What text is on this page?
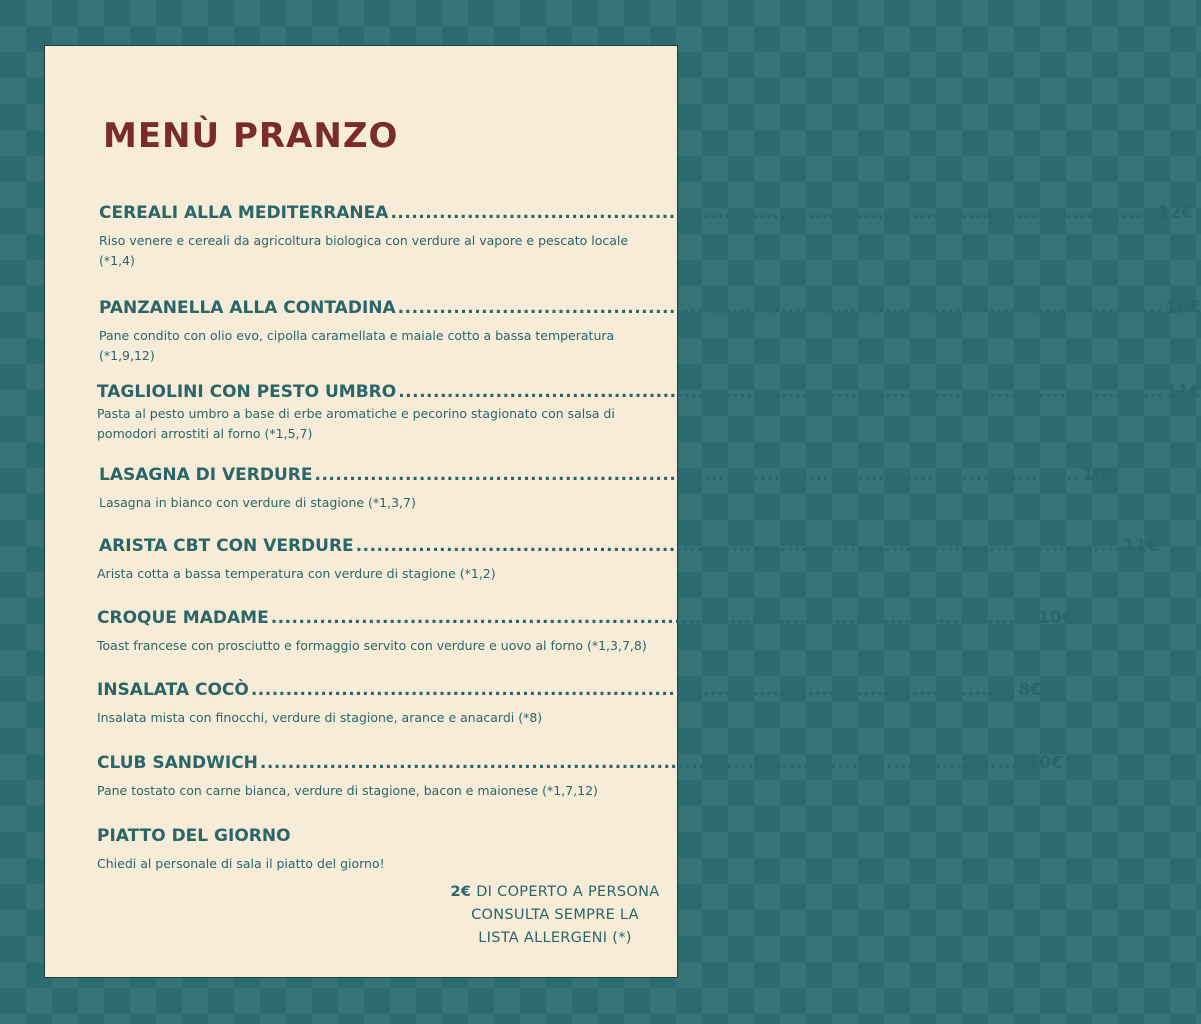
MENÙ PRANZO
CEREALI ALLA MEDITERRANEA .............................................................................................................. 12€
Riso venere e cereali da agricoltura biologica con verdure al vapore e pescato locale (*1,4)
PANZANELLA ALLA CONTADINA .............................................................................................................. 10€
Pane condito con olio evo, cipolla caramellata e maiale cotto a bassa temperatura (*1,9,12)
TAGLIOLINI CON PESTO UMBRO .............................................................................................................. 11€
Pasta al pesto umbro a base di erbe aromatiche e pecorino stagionato con salsa di pomodori arrostiti al forno (*1,5,7)
LASAGNA DI VERDURE .............................................................................................................. 10€
Lasagna in bianco con verdure di stagione (*1,3,7)
ARISTA CBT CON VERDURE .............................................................................................................. 11€
Arista cotta a bassa temperatura con verdure di stagione (*1,2)
CROQUE MADAME .............................................................................................................. 10€
Toast francese con prosciutto e formaggio servito con verdure e uovo al forno (*1,3,7,8)
INSALATA COCÒ .............................................................................................................. 8€
Insalata mista con finocchi, verdure di stagione, arance e anacardi (*8)
CLUB SANDWICH .............................................................................................................. 10€
Pane tostato con carne bianca, verdure di stagione, bacon e maionese (*1,7,12)
PIATTO DEL GIORNO
Chiedi al personale di sala il piatto del giorno!
2€ DI COPERTO A PERSONA
CONSULTA SEMPRE LA
LISTA ALLERGENI (*)
